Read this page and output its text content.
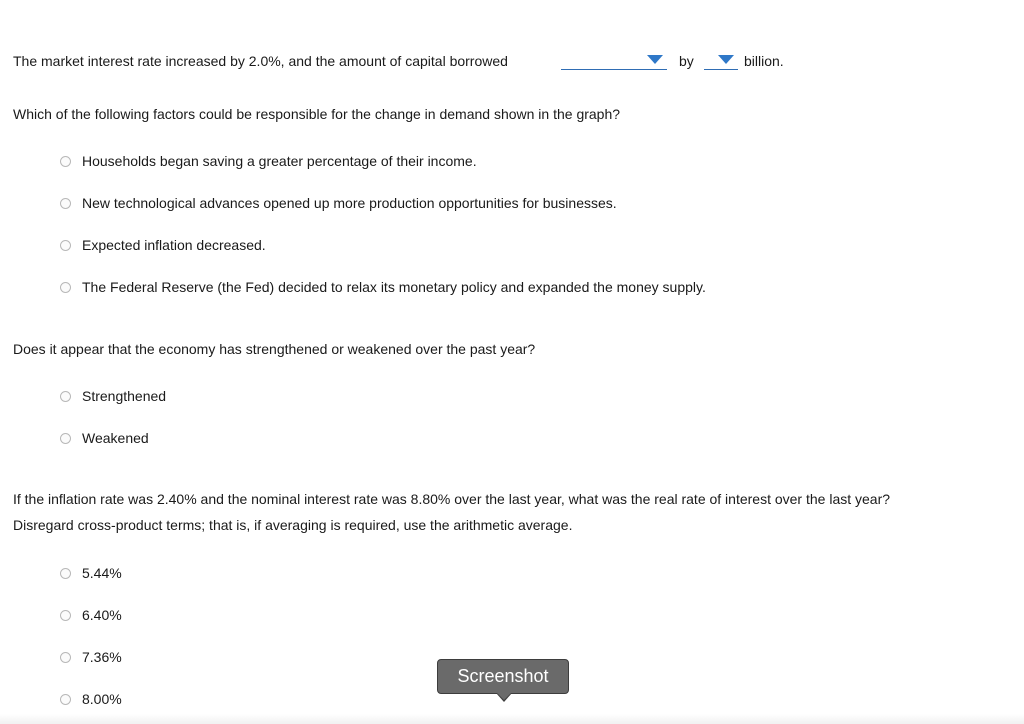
The market interest rate increased by 2.0%, and the amount of capital borrowed	by	billion.
Which of the following factors could be responsible for the change in demand shown in the graph?
Households began saving a greater percentage of their income.
New technological advances opened up more production opportunities for businesses.
Expected inflation decreased.
The Federal Reserve (the Fed) decided to relax its monetary policy and expanded the money supply.
Does it appear that the economy has strengthened or weakened over the past year?
Strengthened
Weakened
If the inflation rate was 2.40% and the nominal interest rate was 8.80% over the last year, what was the real rate of interest over the last year?
Disregard cross-product terms; that is, if averaging is required, use the arithmetic average.
5.44%
6.40%
7.36%
8.00%
Screenshot
